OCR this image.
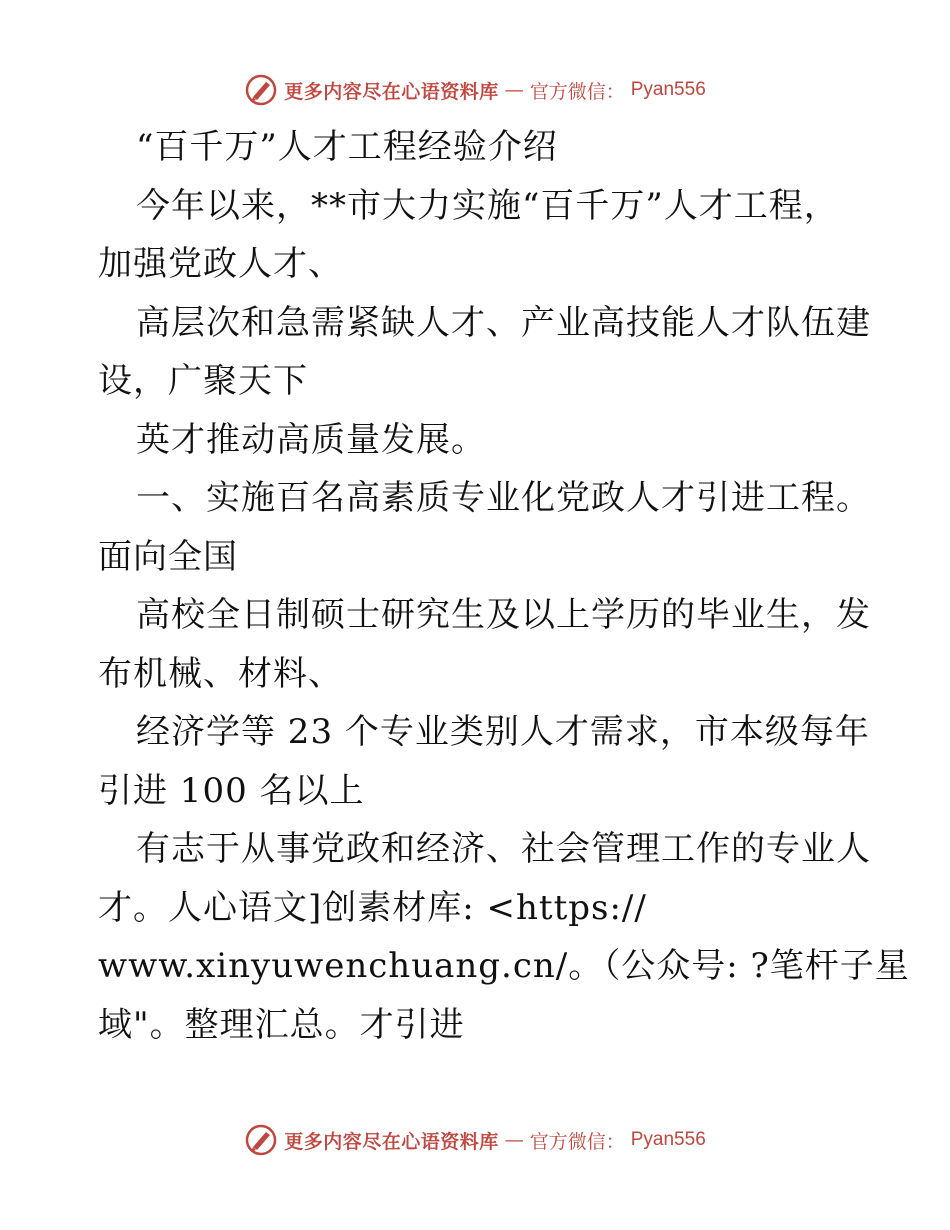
更多内容尽在心语资料库 — 官方微信： Pyan556
“百千万”人才工程经验介绍
今年以来，**市大力实施“百千万”人才工程，
加强党政人才、
高层次和急需紧缺人才、产业高技能人才队伍建
设，广聚天下
英才推动高质量发展。
一、实施百名高素质专业化党政人才引进工程。
面向全国
高校全日制硕士研究生及以上学历的毕业生，发
布机械、材料、
经济学等 23 个专业类别人才需求，市本级每年
引进 100 名以上
有志于从事党政和经济、社会管理工作的专业人
才。人心语文]创素材库: <https://
www.xinyuwenchuang.cn/。（公众号: ?笔杆子星
域"。整理汇总。才引进
更多内容尽在心语资料库 — 官方微信： Pyan556
